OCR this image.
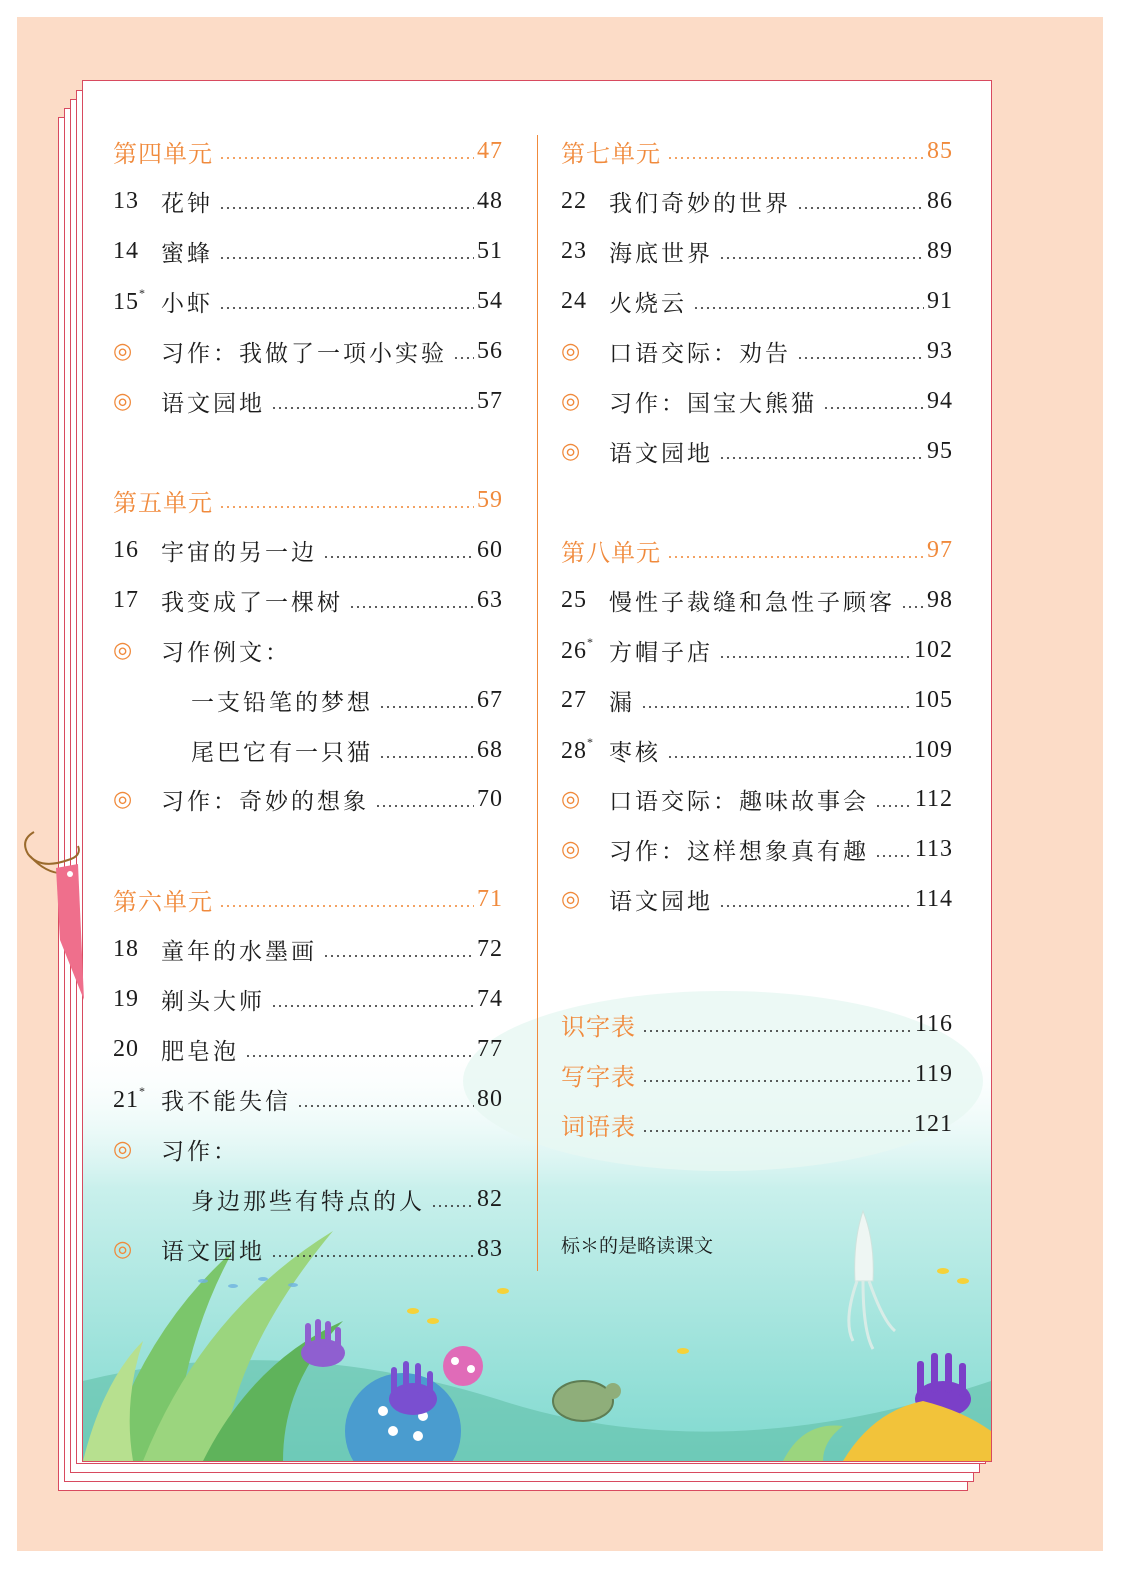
第四单元	47
13 花钟	48
14 蜜蜂	51
15* 小虾	54
◎	习作：我做了一项小实验 56
◎	语文园地	57
第五单元	59
16 宇宙的另一边	60
17 我变成了一棵树	63
◎	习作例文：
一支铅笔的梦想	67
尾巴它有一只猫	68
◎	习作：奇妙的想象	70
第六单元	71
18 童年的水墨画	72
19 剃头大师	74
20 肥皂泡	77
21* 我不能失信	80
◎	习作：
身边那些有特点的人 82
◎	语文园地	83
第七单元	85
22 我们奇妙的世界	86
23 海底世界	89
24 火烧云	91
◎	口语交际：劝告	93
◎	习作：国宝大熊猫	94
◎	语文园地	95
第八单元	97
25 慢性子裁缝和急性子顾客 98
26* 方帽子店	102
27 漏	105
28* 枣核	109
◎	口语交际：趣味故事会 112
◎	习作：这样想象真有趣 113
◎	语文园地	114
识字表	116
写字表	119
词语表	121
标＊的是略读课文
